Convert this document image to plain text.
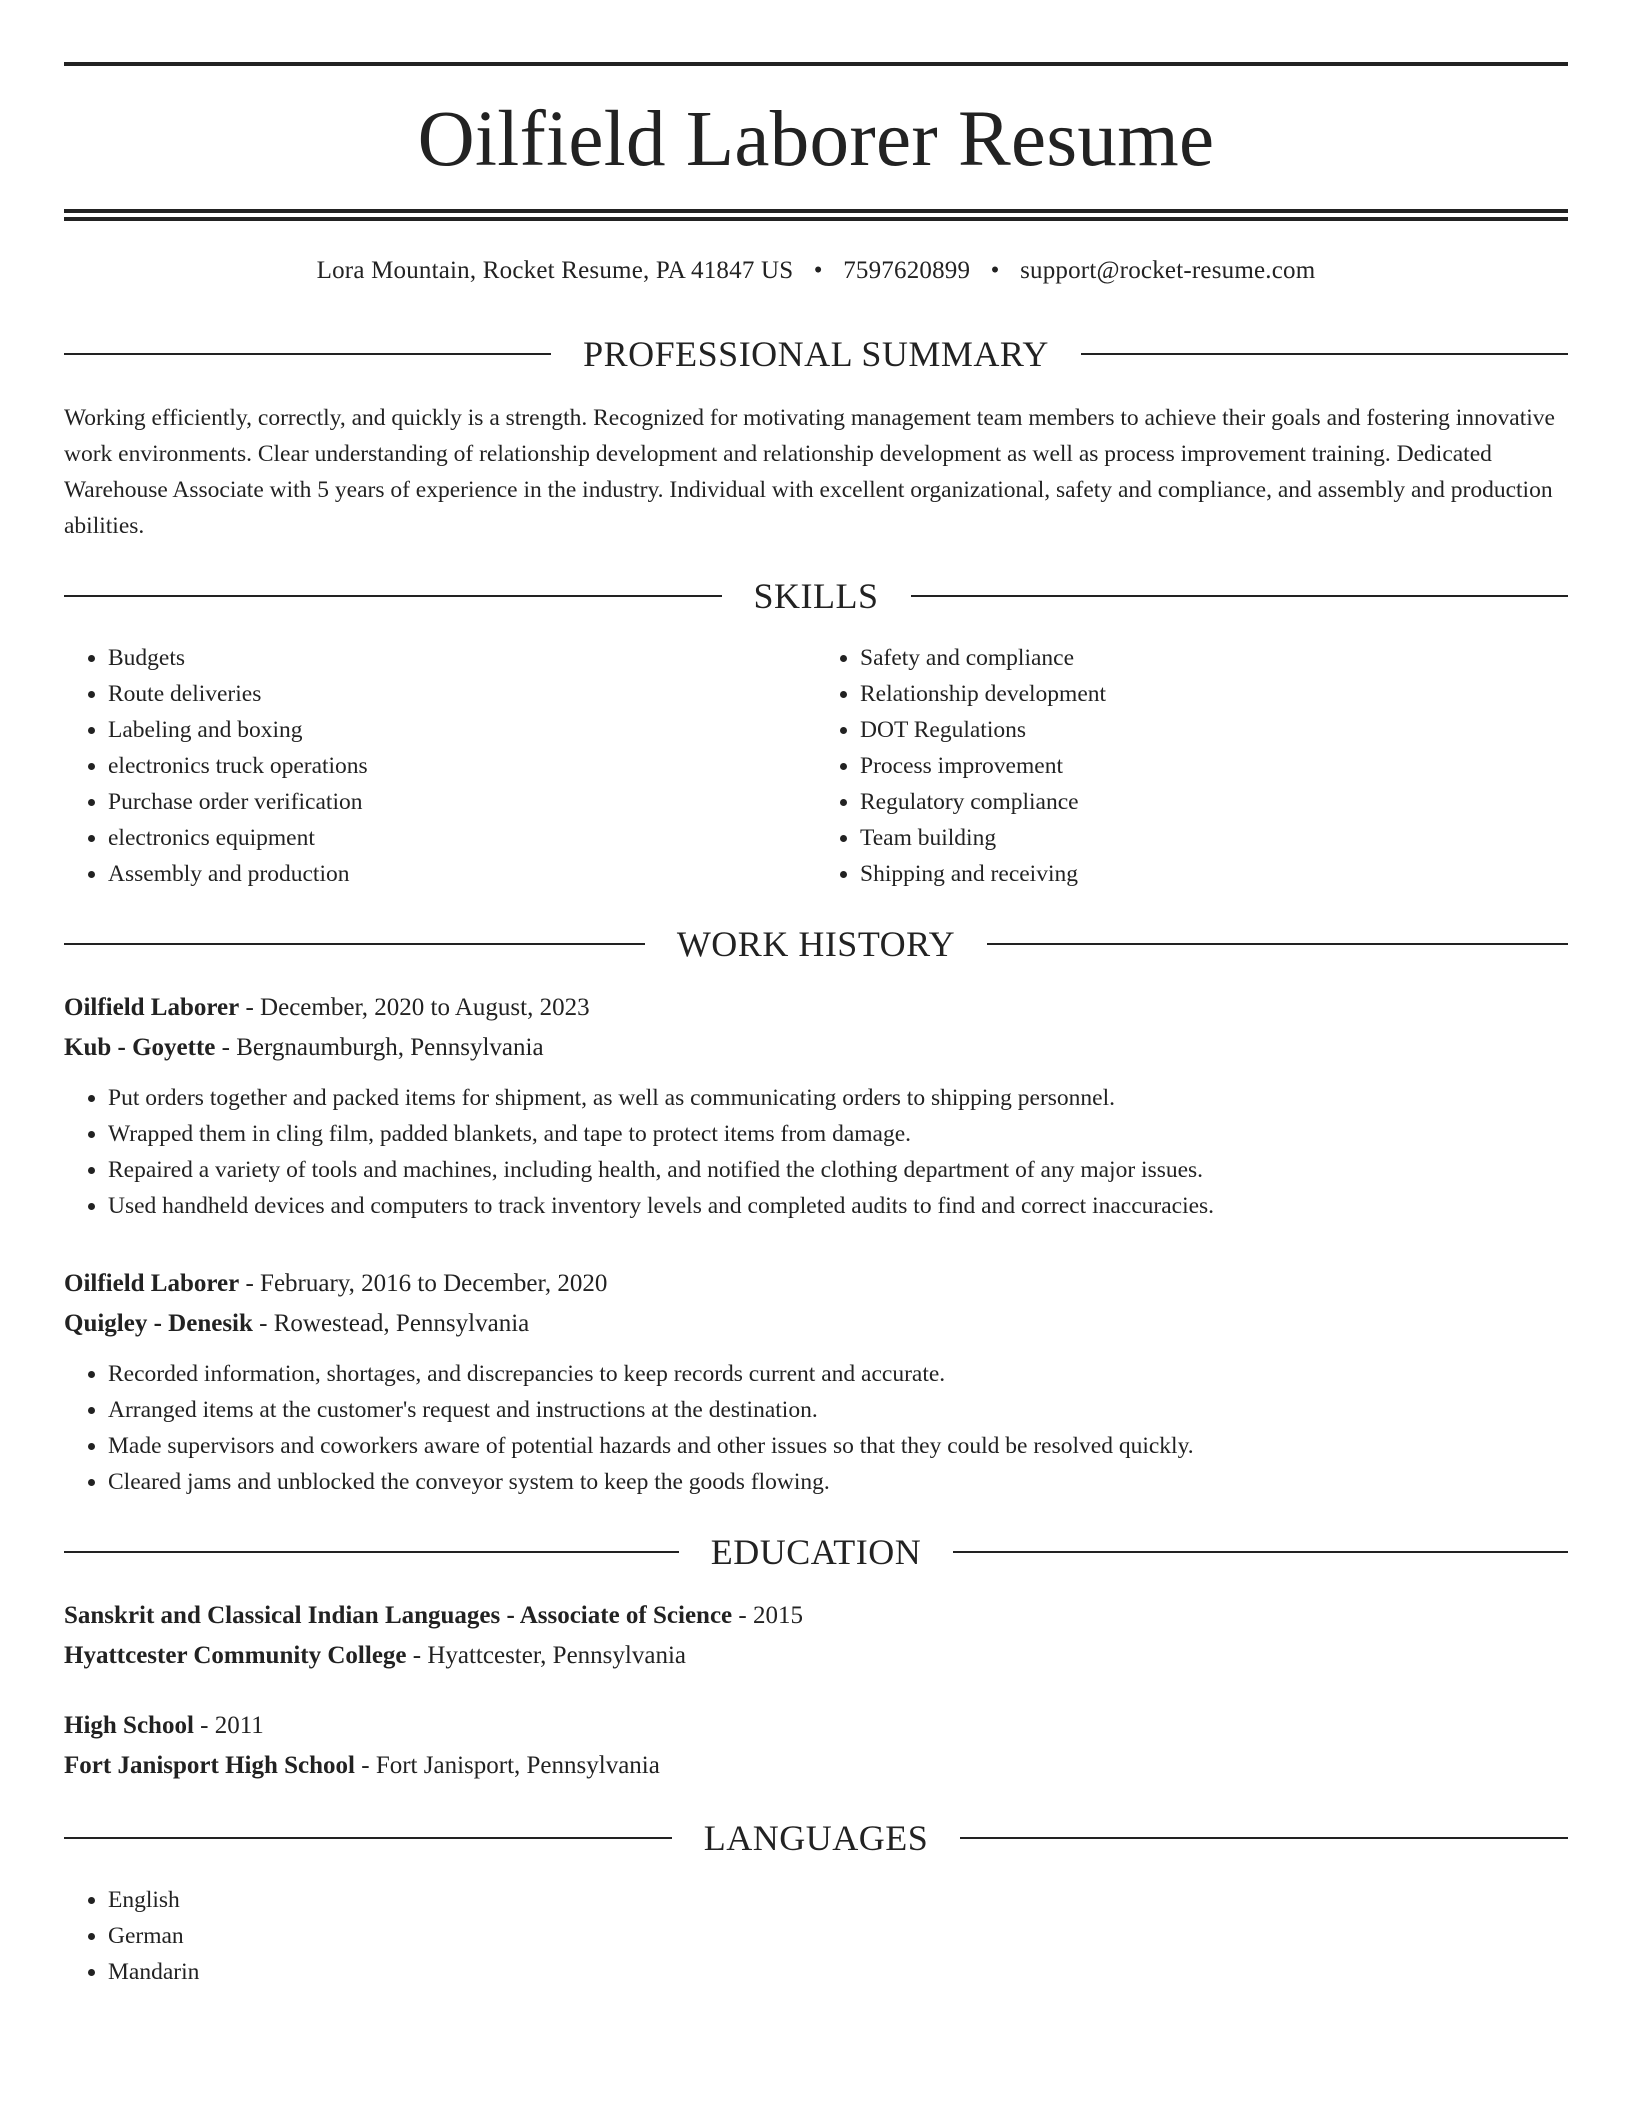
Oilfield Laborer Resume
Lora Mountain, Rocket Resume, PA 41847 US • 7597620899 • support@rocket-resume.com
PROFESSIONAL SUMMARY

Working efficiently, correctly, and quickly is a strength. Recognized for motivating management team members to achieve their goals and fostering innovative work environments. Clear understanding of relationship development and relationship development as well as process improvement training. Dedicated Warehouse Associate with 5 years of experience in the industry. Individual with excellent organizational, safety and compliance, and assembly and production abilities.

SKILLS
• Budgets
• Route deliveries
• Labeling and boxing
• electronics truck operations
• Purchase order verification
• electronics equipment
• Assembly and production
• Safety and compliance
• Relationship development
• DOT Regulations
• Process improvement
• Regulatory compliance
• Team building
• Shipping and receiving
WORK HISTORY
Oilfield Laborer - December, 2020 to August, 2023
Kub - Goyette - Bergnaumburgh, Pennsylvania
• Put orders together and packed items for shipment, as well as communicating orders to shipping personnel.
• Wrapped them in cling film, padded blankets, and tape to protect items from damage.
• Repaired a variety of tools and machines, including health, and notified the clothing department of any major issues.
• Used handheld devices and computers to track inventory levels and completed audits to find and correct inaccuracies.
Oilfield Laborer - February, 2016 to December, 2020
Quigley - Denesik - Rowestead, Pennsylvania
• Recorded information, shortages, and discrepancies to keep records current and accurate.
• Arranged items at the customer's request and instructions at the destination.
• Made supervisors and coworkers aware of potential hazards and other issues so that they could be resolved quickly.
• Cleared jams and unblocked the conveyor system to keep the goods flowing.
EDUCATION
Sanskrit and Classical Indian Languages - Associate of Science - 2015
Hyattcester Community College - Hyattcester, Pennsylvania
High School - 2011
Fort Janisport High School - Fort Janisport, Pennsylvania
LANGUAGES
• English
• German
• Mandarin
